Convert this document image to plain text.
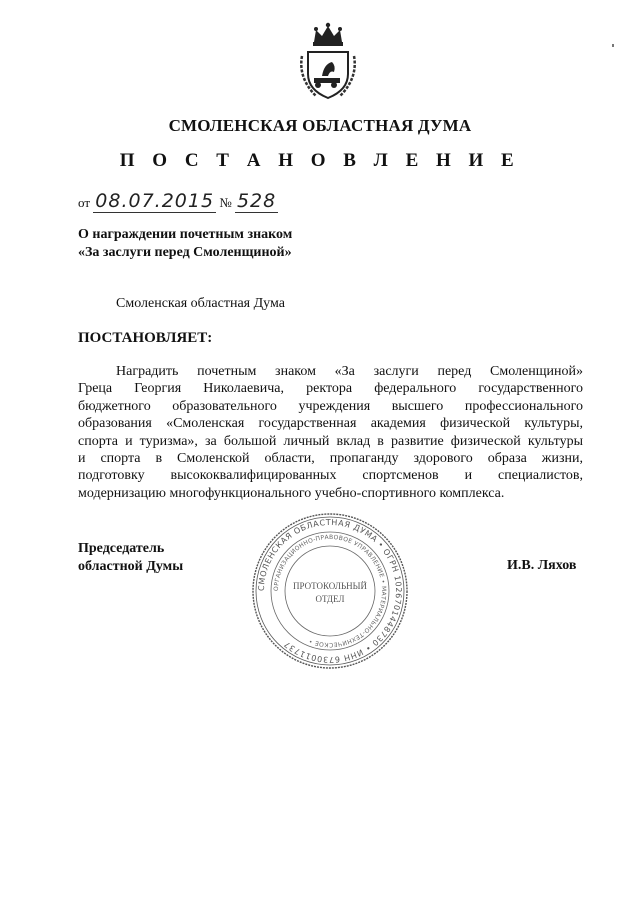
СМОЛЕНСКАЯ ОБЛАСТНАЯ ДУМА
П О С Т А Н О В Л Е Н И Е
от 08.07.2015 № 528
О награждении почетным знаком
«За заслуги перед Смоленщиной»
Смоленская областная Дума
ПОСТАНОВЛЯЕТ:
Наградить почетным знаком «За заслуги перед Смоленщиной»
Греца Георгия Николаевича, ректора федерального государственного
бюджетного образовательного учреждения высшего профессионального
образования «Смоленская государственная академия физической культуры,
спорта и туризма», за большой личный вклад в развитие физической культуры
и спорта в Смоленской области, пропаганду здорового образа жизни,
подготовку высококвалифицированных спортсменов и специалистов,
модернизацию многофункционального учебно-спортивного комплекса.
СМОЛЕНСКАЯ ОБЛАСТНАЯ ДУМА • ОГРН 1026701448730 • ИНН 6730011737
ОРГАНИЗАЦИОННО-ПРАВОВОЕ УПРАВЛЕНИЕ • МАТЕРИАЛЬНО-ТЕХНИЧЕСКОЕ •
ПРОТОКОЛЬНЫЙ
ОТДЕЛ
Председатель
областной Думы	И.В. Ляхов
